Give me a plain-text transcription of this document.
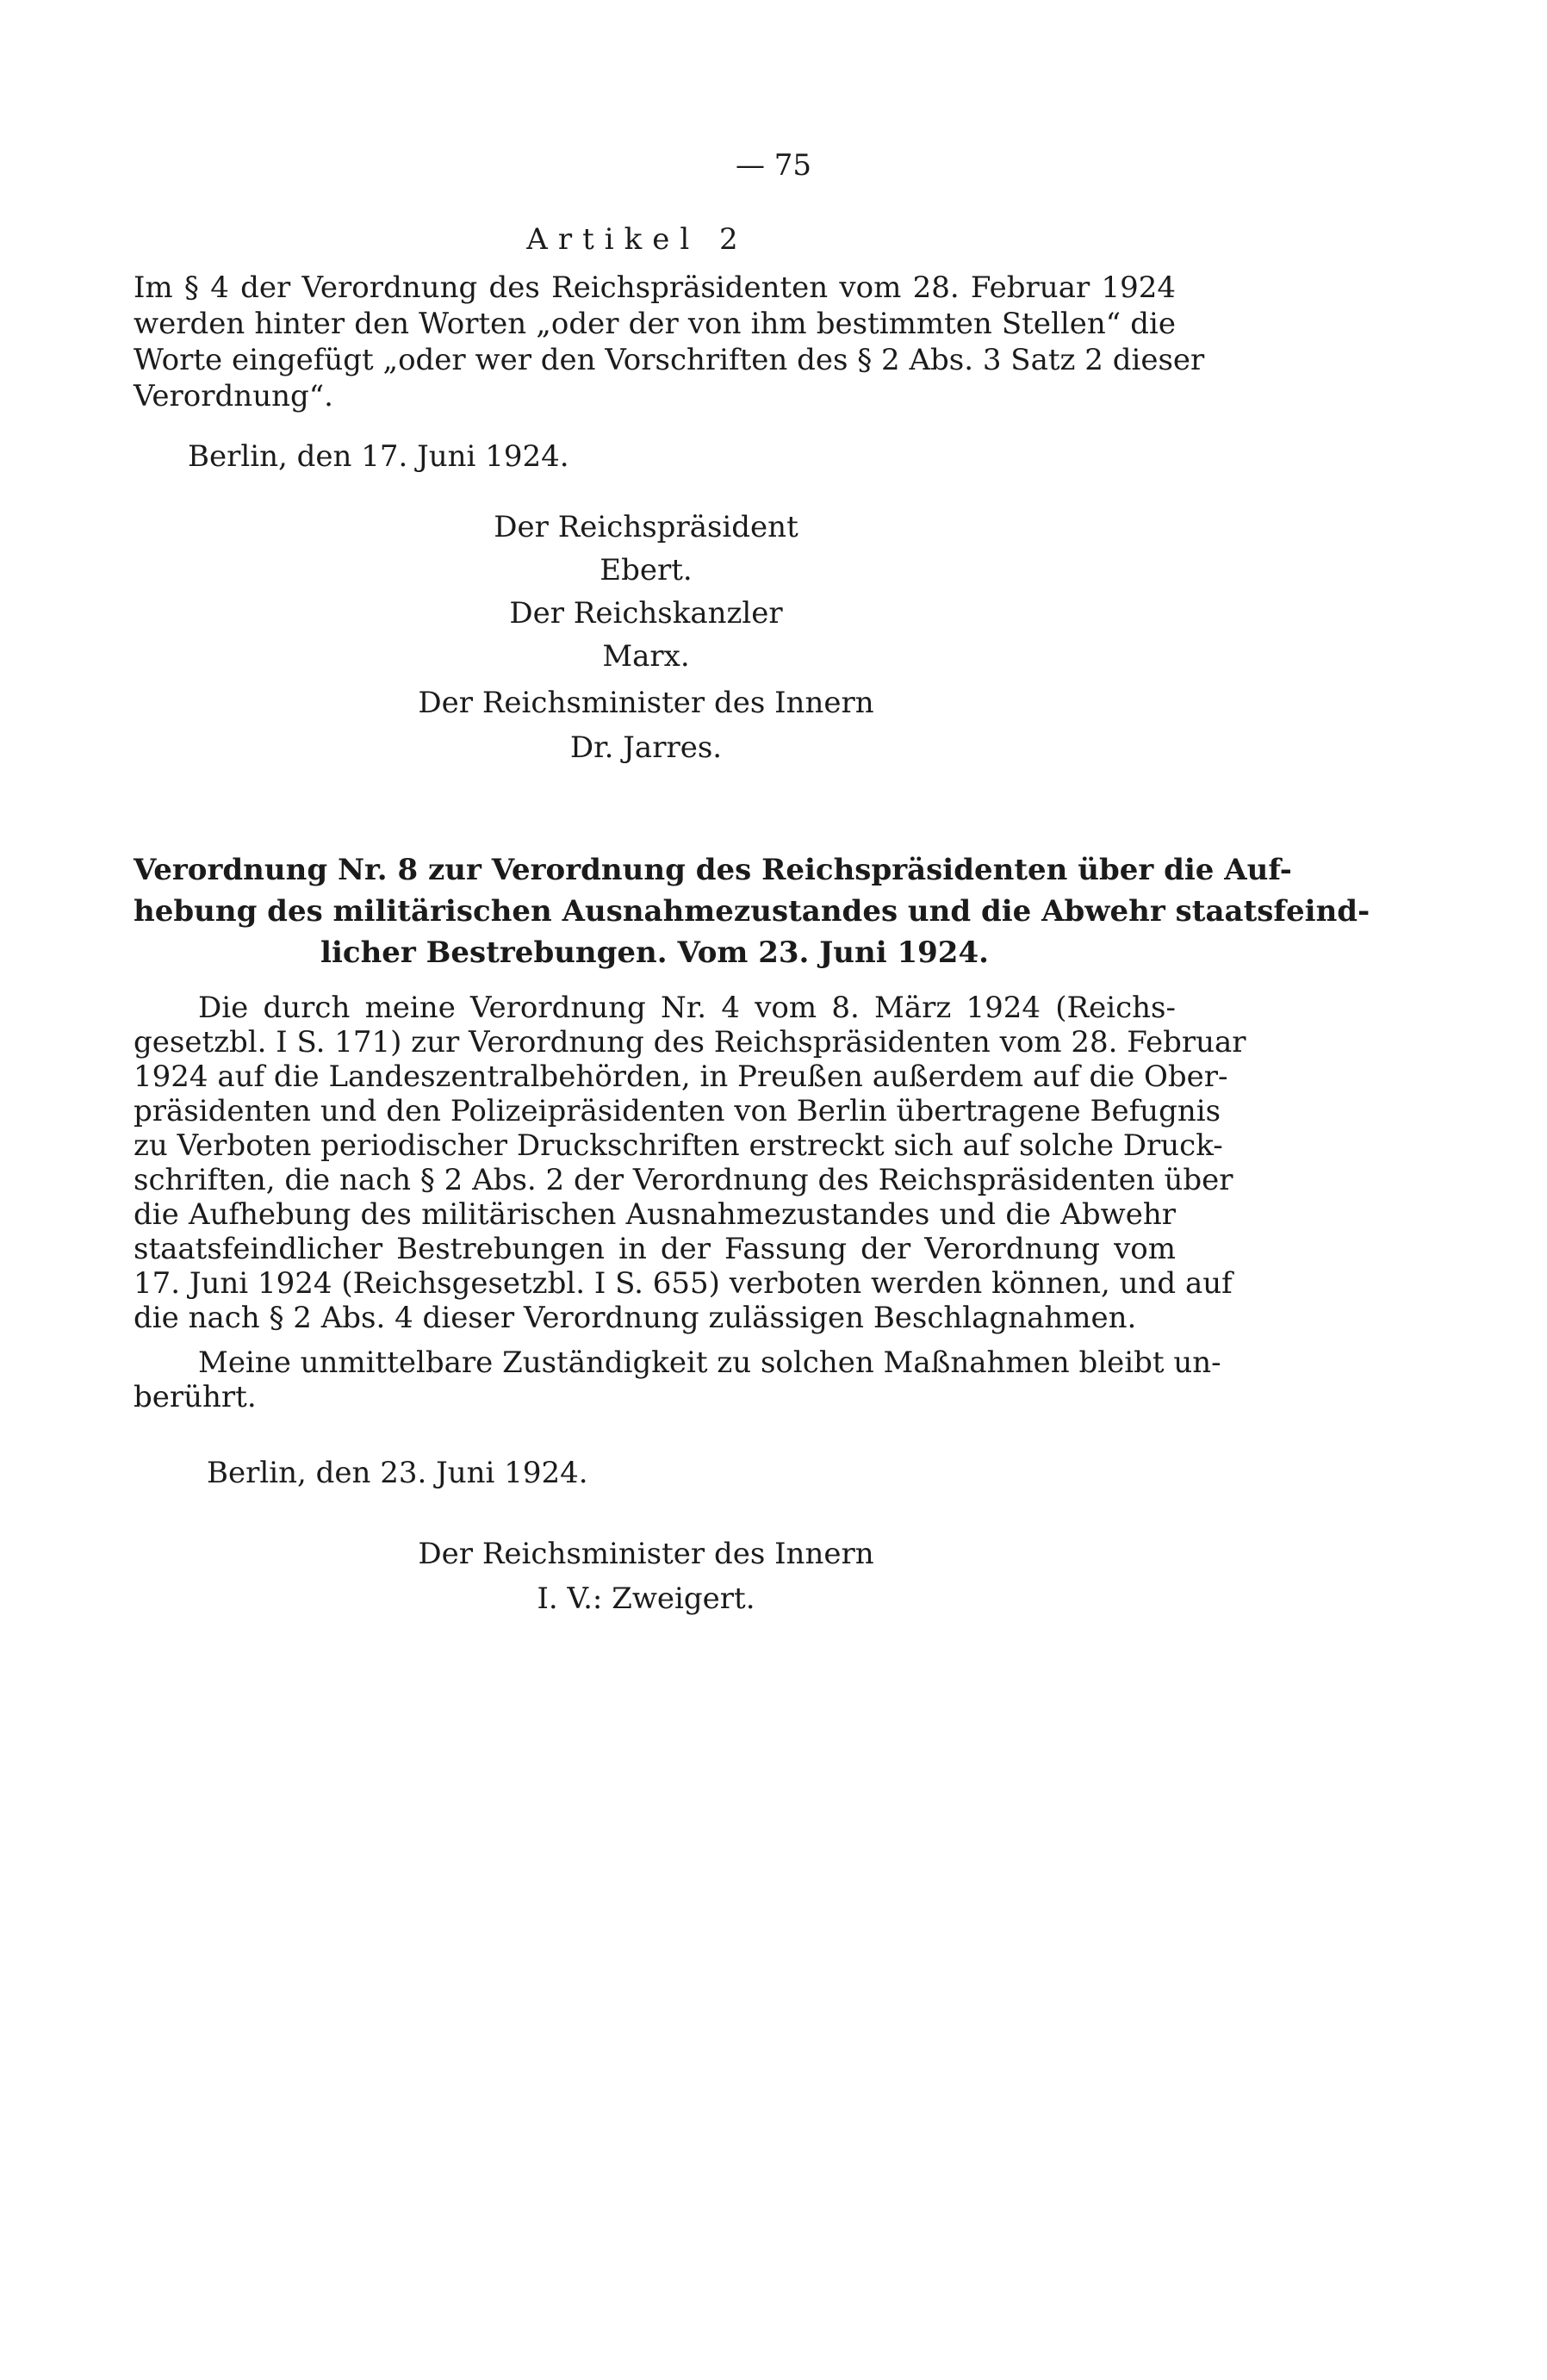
— 75
Artikel 2
Im § 4 der Verordnung des Reichspräsidenten vom 28. Februar 1924
werden hinter den Worten „oder der von ihm bestimmten Stellen“ die
Worte eingefügt „oder wer den Vorschriften des § 2 Abs. 3 Satz 2 dieser
Verordnung“.
Berlin, den 17. Juni 1924.
Der Reichspräsident
Ebert.
Der Reichskanzler
Marx.
Der Reichsminister des Innern
Dr. Jarres.
Verordnung Nr. 8 zur Verordnung des Reichspräsidenten über die Auf-
hebung des militärischen Ausnahmezustandes und die Abwehr staatsfeind-
licher Bestrebungen. Vom 23. Juni 1924.
Die durch meine Verordnung Nr. 4 vom 8. März 1924 (Reichs-
gesetzbl. I S. 171) zur Verordnung des Reichspräsidenten vom 28. Februar
1924 auf die Landeszentralbehörden, in Preußen außerdem auf die Ober-
präsidenten und den Polizeipräsidenten von Berlin übertragene Befugnis
zu Verboten periodischer Druckschriften erstreckt sich auf solche Druck-
schriften, die nach § 2 Abs. 2 der Verordnung des Reichspräsidenten über
die Aufhebung des militärischen Ausnahmezustandes und die Abwehr
staatsfeindlicher Bestrebungen in der Fassung der Verordnung vom
17. Juni 1924 (Reichsgesetzbl. I S. 655) verboten werden können, und auf
die nach § 2 Abs. 4 dieser Verordnung zulässigen Beschlagnahmen.
Meine unmittelbare Zuständigkeit zu solchen Maßnahmen bleibt un-
berührt.
Berlin, den 23. Juni 1924.
Der Reichsminister des Innern
I. V.: Zweigert.
